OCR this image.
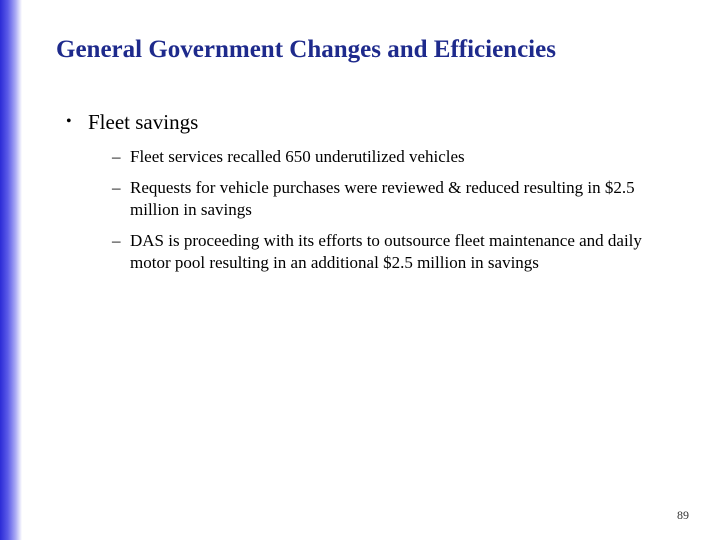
General Government Changes and Efficiencies
• Fleet savings
– Fleet services recalled 650 underutilized vehicles
– Requests for vehicle purchases were reviewed & reduced resulting in $2.5 million in savings
– DAS is proceeding with its efforts to outsource fleet maintenance and daily motor pool resulting in an additional $2.5 million in savings
89
